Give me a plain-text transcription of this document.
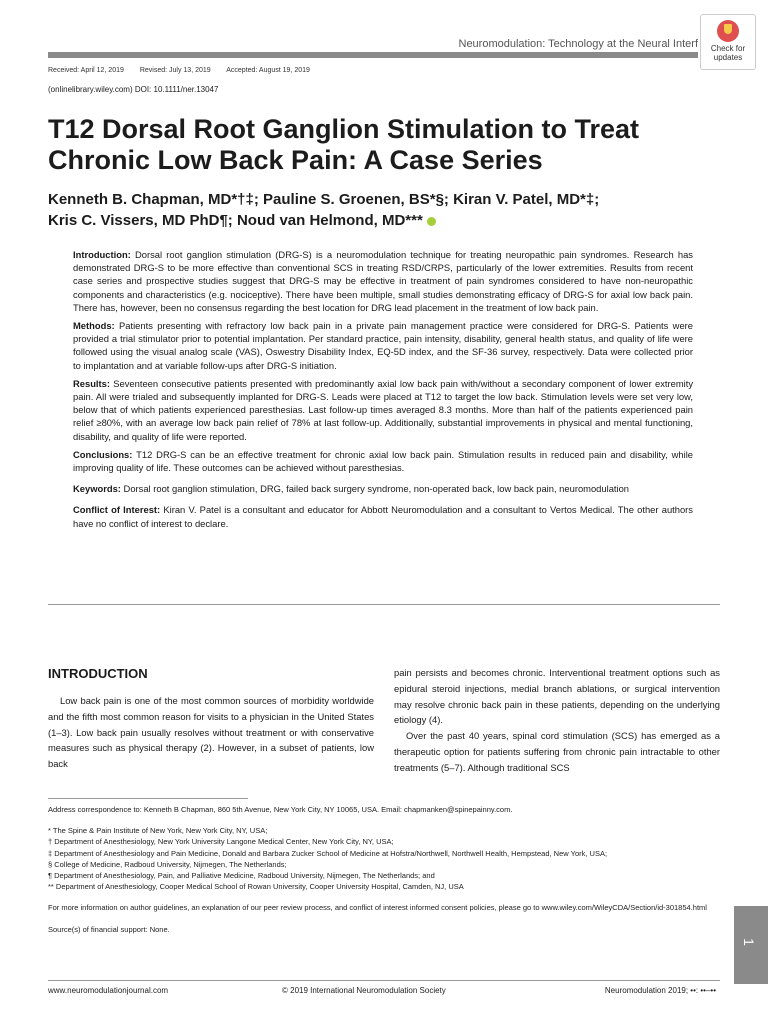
Neuromodulation: Technology at the Neural Interf	Check for
updates
Received: April 12, 2019 Revised: July 13, 2019 Accepted: August 19, 2019
(onlinelibrary.wiley.com) DOI: 10.1111/ner.13047
T12 Dorsal Root Ganglion Stimulation to Treat
Chronic Low Back Pain: A Case Series
Kenneth B. Chapman, MD*†‡; Pauline S. Groenen, BS*§; Kiran V. Patel, MD*‡;
Kris C. Vissers, MD PhD¶; Noud van Helmond, MD***

Introduction: Dorsal root ganglion stimulation (DRG-S) is a neuromodulation technique for treating neuropathic pain syndromes. Research has demonstrated DRG-S to be more effective than conventional SCS in treating RSD/CRPS, particularly of the lower extremities. Results from recent case series and prospective studies suggest that DRG-S may be effective in treatment of pain syndromes considered to have non-neuropathic components and characteristics (e.g. nociceptive). There have been multiple, small studies demonstrating efficacy of DRG-S for axial low back pain. There has, however, been no consensus regarding the best location for DRG lead placement in the treatment of low back pain.

Methods: Patients presenting with refractory low back pain in a private pain management practice were considered for DRG-S. Patients were provided a trial stimulator prior to potential implantation. Per standard practice, pain intensity, disability, general health status, and quality of life were followed using the visual analog scale (VAS), Oswestry Disability Index, EQ-5D index, and the SF-36 survey, respectively. Data were collected prior to implantation and at variable follow-ups after DRG-S initiation.

Results: Seventeen consecutive patients presented with predominantly axial low back pain with/without a secondary component of lower extremity pain. All were trialed and subsequently implanted for DRG-S. Leads were placed at T12 to target the low back. Stimulation levels were set very low, below that of which patients experienced paresthesias. Last follow-up times averaged 8.3 months. More than half of the patients experienced pain relief ≥80%, with an average low back pain relief of 78% at last follow-up. Additionally, substantial improvements in physical and mental functioning, disability, and quality of life were reported.

Conclusions: T12 DRG-S can be an effective treatment for chronic axial low back pain. Stimulation results in reduced pain and disability, while improving quality of life. These outcomes can be achieved without paresthesias.

Keywords: Dorsal root ganglion stimulation, DRG, failed back surgery syndrome, non-operated back, low back pain, neuromodulation

Conflict of Interest: Kiran V. Patel is a consultant and educator for Abbott Neuromodulation and a consultant to Vertos Medical. The other authors have no conflict of interest to declare.

INTRODUCTION

Low back pain is one of the most common sources of morbidity worldwide and the fifth most common reason for visits to a physician in the United States (1–3). Low back pain usually resolves without treatment or with conservative measures such as physical therapy (2). However, in a subset of patients, low back

pain persists and becomes chronic. Interventional treatment options such as epidural steroid injections, medial branch ablations, or surgical intervention may resolve chronic back pain in these patients, depending on the underlying etiology (4).

Over the past 40 years, spinal cord stimulation (SCS) has emerged as a therapeutic option for patients suffering from chronic pain intractable to other treatments (5–7). Although traditional SCS

Address correspondence to: Kenneth B Chapman, 860 5th Avenue, New York City, NY 10065, USA. Email: chapmanken@spinepainny.com.
* The Spine & Pain Institute of New York, New York City, NY, USA;
† Department of Anesthesiology, New York University Langone Medical Center, New York City, NY, USA;
‡ Department of Anesthesiology and Pain Medicine, Donald and Barbara Zucker School of Medicine at Hofstra/Northwell, Northwell Health, Hempstead, New York, USA;
§ College of Medicine, Radboud University, Nijmegen, The Netherlands;
¶ Department of Anesthesiology, Pain, and Palliative Medicine, Radboud University, Nijmegen, The Netherlands; and
** Department of Anesthesiology, Cooper Medical School of Rowan University, Cooper University Hospital, Camden, NJ, USA
For more information on author guidelines, an explanation of our peer review process, and conflict of interest informed consent policies, please go to www.wiley.com/WileyCDA/Section/id-301854.html
Source(s) of financial support: None.
1
www.neuromodulationjournal.com	© 2019 International Neuromodulation Society	Neuromodulation 2019; ••: ••–••
